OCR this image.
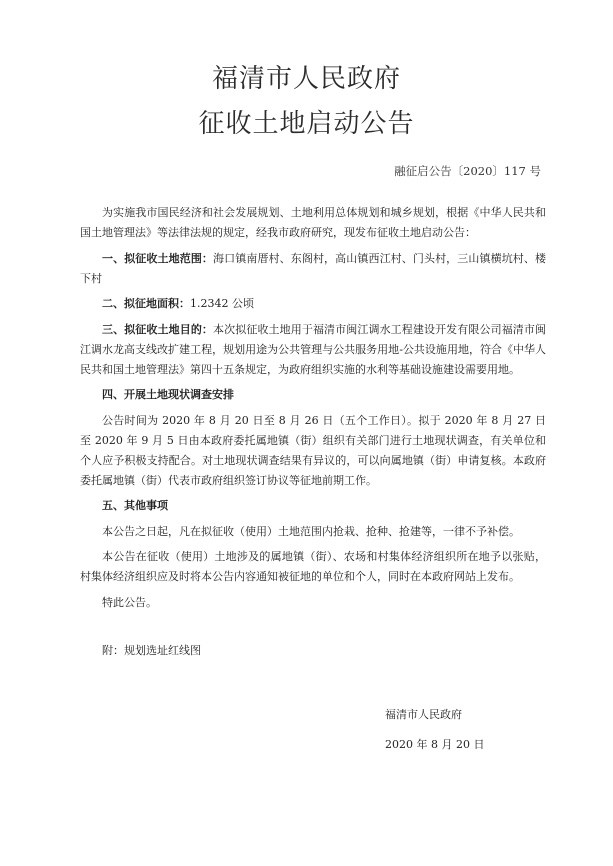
福清市人民政府
征收土地启动公告
融征启公告〔2020〕117 号

为实施我市国民经济和社会发展规划、土地利用总体规划和城乡规划，根据《中华人民共和国土地管理法》等法律法规的规定，经我市政府研究，现发布征收土地启动公告：

一、拟征收土地范围：海口镇南厝村、东阁村，高山镇西江村、门头村，三山镇横坑村、楼下村

二、拟征地面积：1.2342 公顷

三、拟征收土地目的：本次拟征收土地用于福清市闽江调水工程建设开发有限公司福清市闽江调水龙高支线改扩建工程，规划用途为公共管理与公共服务用地-公共设施用地，符合《中华人民共和国土地管理法》第四十五条规定，为政府组织实施的水利等基础设施建设需要用地。

四、开展土地现状调查安排

公告时间为 2020 年 8 月 20 日至 8 月 26 日（五个工作日）。拟于 2020 年 8 月 27 日至 2020 年 9 月 5 日由本政府委托属地镇（街）组织有关部门进行土地现状调查，有关单位和个人应予积极支持配合。对土地现状调查结果有异议的，可以向属地镇（街）申请复核。本政府委托属地镇（街）代表市政府组织签订协议等征地前期工作。

五、其他事项

本公告之日起，凡在拟征收（使用）土地范围内抢栽、抢种、抢建等，一律不予补偿。

本公告在征收（使用）土地涉及的属地镇（街）、农场和村集体经济组织所在地予以张贴，村集体经济组织应及时将本公告内容通知被征地的单位和个人，同时在本政府网站上发布。

特此公告。

附：规划选址红线图

福清市人民政府
2020 年 8 月 20 日
